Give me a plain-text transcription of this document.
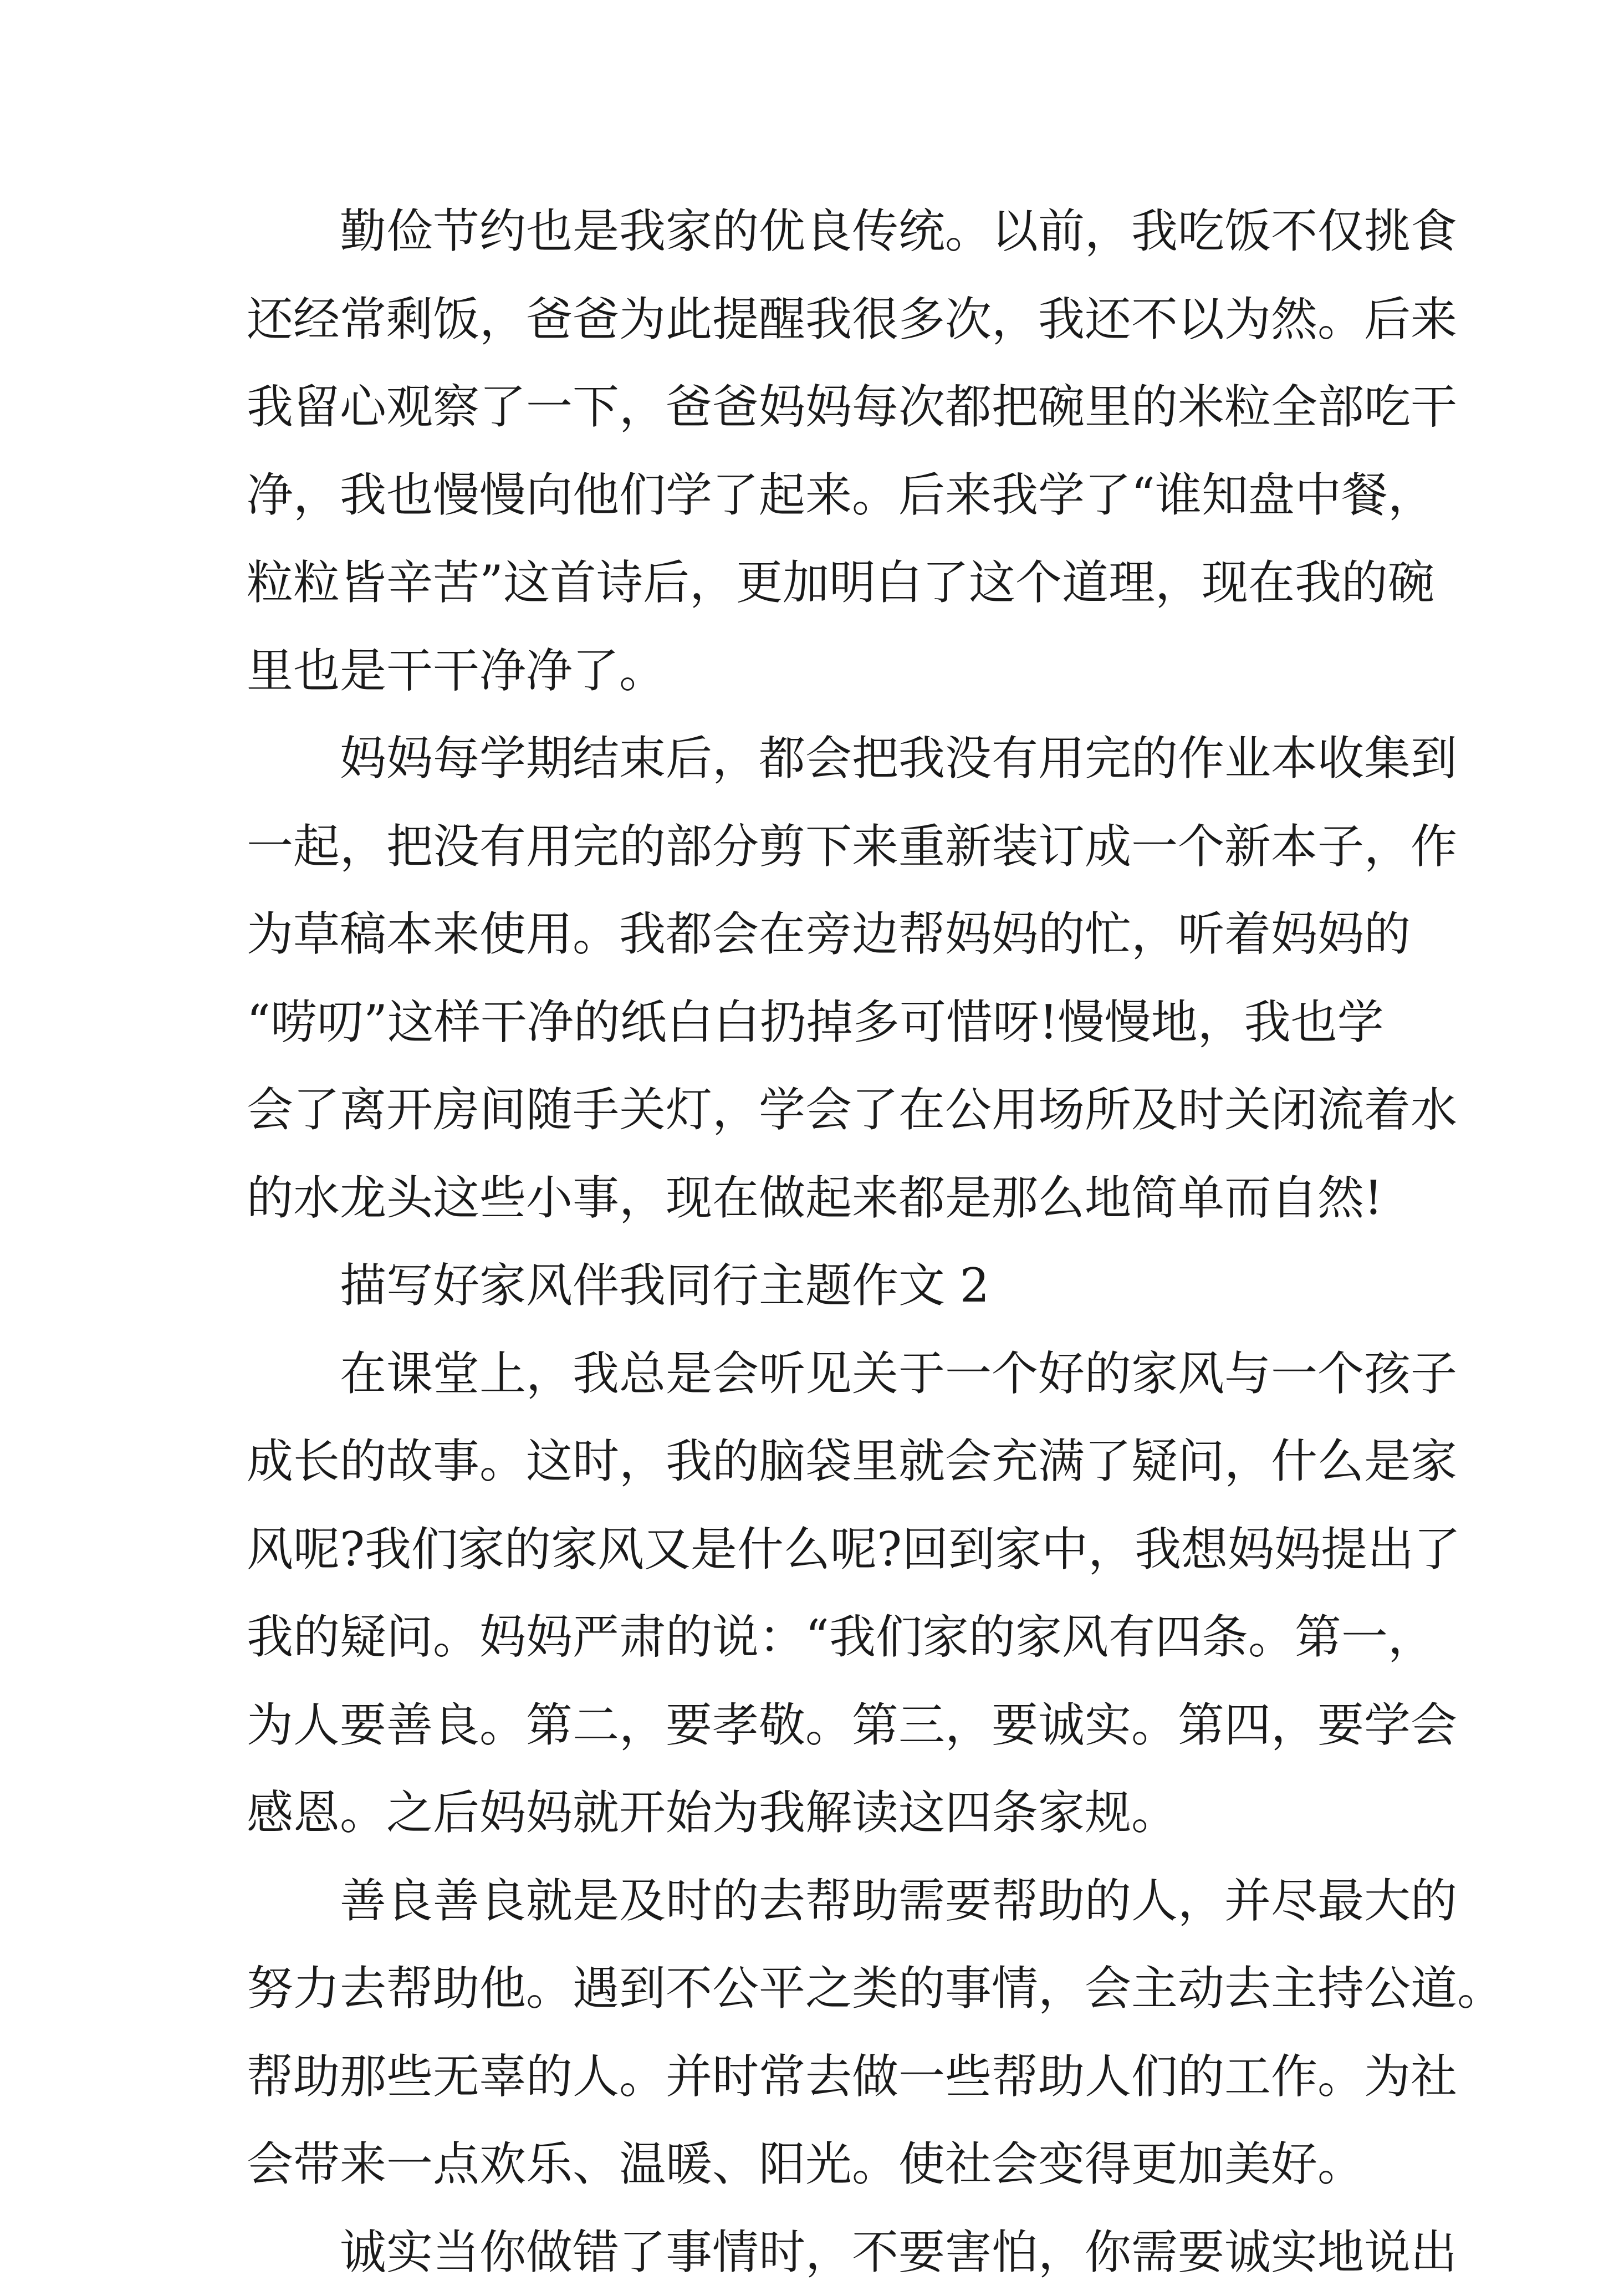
勤俭节约也是我家的优良传统。以前，我吃饭不仅挑食
还经常剩饭，爸爸为此提醒我很多次，我还不以为然。后来
我留心观察了一下，爸爸妈妈每次都把碗里的米粒全部吃干
净，我也慢慢向他们学了起来。后来我学了“谁知盘中餐，
粒粒皆辛苦”这首诗后，更加明白了这个道理，现在我的碗
里也是干干净净了。
妈妈每学期结束后，都会把我没有用完的作业本收集到
一起，把没有用完的部分剪下来重新装订成一个新本子，作
为草稿本来使用。我都会在旁边帮妈妈的忙，听着妈妈的
“唠叨”这样干净的纸白白扔掉多可惜呀!慢慢地，我也学
会了离开房间随手关灯，学会了在公用场所及时关闭流着水
的水龙头这些小事，现在做起来都是那么地简单而自然!
描写好家风伴我同行主题作文 2
在课堂上，我总是会听见关于一个好的家风与一个孩子
成长的故事。这时，我的脑袋里就会充满了疑问，什么是家
风呢?我们家的家风又是什么呢?回到家中，我想妈妈提出了
我的疑问。妈妈严肃的说：“我们家的家风有四条。第一，
为人要善良。第二，要孝敬。第三，要诚实。第四，要学会
感恩。之后妈妈就开始为我解读这四条家规。
善良善良就是及时的去帮助需要帮助的人，并尽最大的
努力去帮助他。遇到不公平之类的事情，会主动去主持公道。
帮助那些无辜的人。并时常去做一些帮助人们的工作。为社
会带来一点欢乐、温暖、阳光。使社会变得更加美好。
诚实当你做错了事情时，不要害怕，你需要诚实地说出
